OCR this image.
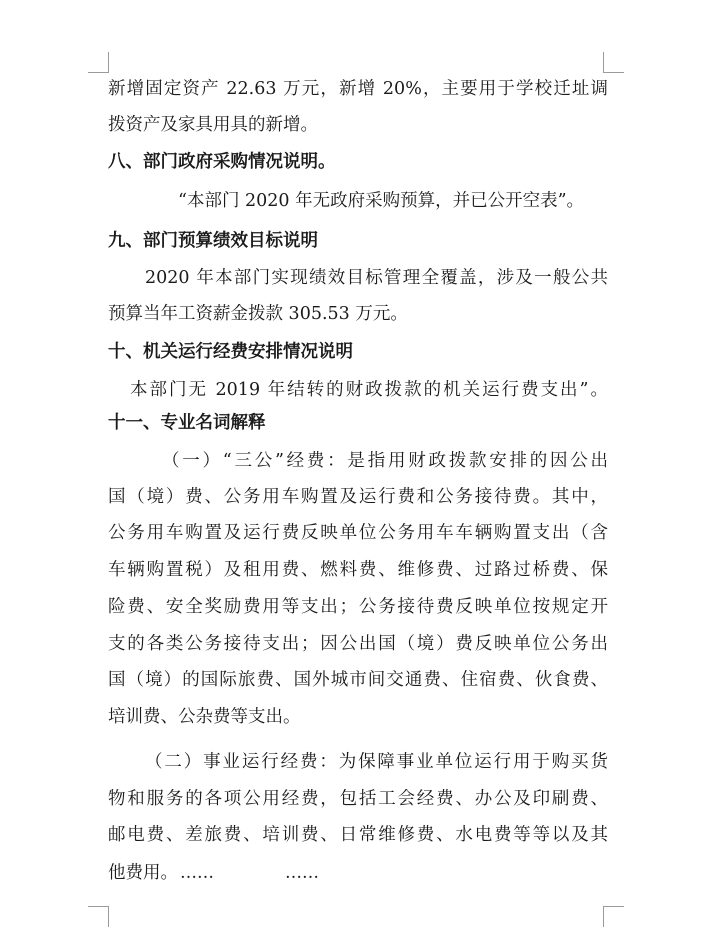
新增固定资产 22.63 万元，新增 20%，主要用于学校迁址调

拨资产及家具用具的新增。

八、部门政府采购情况说明。

“本部门 2020 年无政府采购预算，并已公开空表”。

九、部门预算绩效目标说明

2020 年本部门实现绩效目标管理全覆盖，涉及一般公共

预算当年工资薪金拨款 305.53 万元。

十、机关运行经费安排情况说明

本部门无 2019 年结转的财政拨款的机关运行费支出”。

十一、专业名词解释

（一）“三公”经费：是指用财政拨款安排的因公出

国（境）费、公务用车购置及运行费和公务接待费。其中，

公务用车购置及运行费反映单位公务用车车辆购置支出（含

车辆购置税）及租用费、燃料费、维修费、过路过桥费、保

险费、安全奖励费用等支出；公务接待费反映单位按规定开

支的各类公务接待支出；因公出国（境）费反映单位公务出

国（境）的国际旅费、国外城市间交通费、住宿费、伙食费、

培训费、公杂费等支出。

（二）事业运行经费：为保障事业单位运行用于购买货

物和服务的各项公用经费，包括工会经费、办公及印刷费、

邮电费、差旅费、培训费、日常维修费、水电费等等以及其

他费用。 ……	……
